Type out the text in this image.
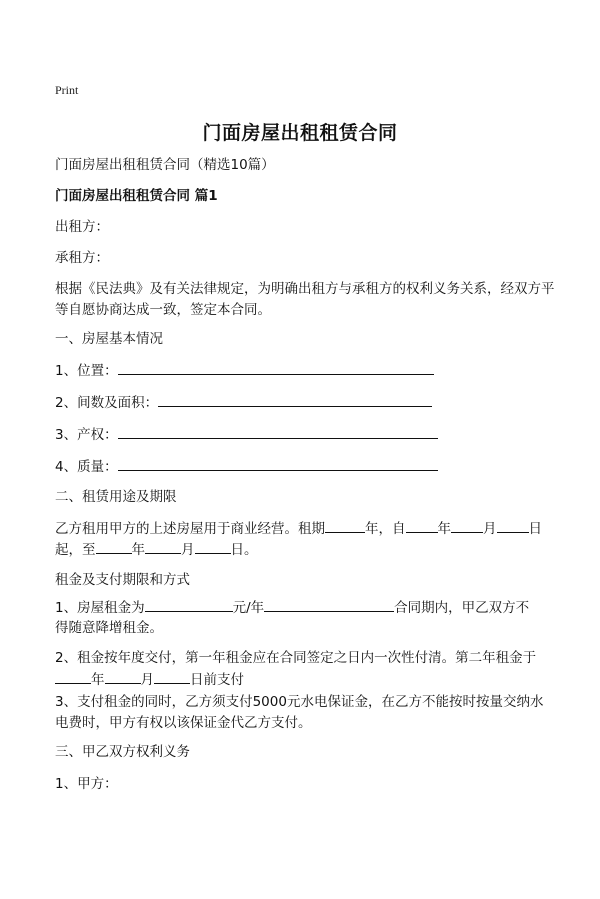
Print
门面房屋出租租赁合同
门面房屋出租租赁合同（精选10篇）
门面房屋出租租赁合同 篇1
出租方：
承租方：
根据《民法典》及有关法律规定，为明确出租方与承租方的权利义务关系，经双方平等自愿协商达成一致，签定本合同。
一、房屋基本情况
1、位置：
2、间数及面积：
3、产权：
4、质量：
二、租赁用途及期限
乙方租用甲方的上述房屋用于商业经营。租期	年，自 年 月 日
起，至	年	月	日。
租金及支付期限和方式
1、房屋租金为	元/年	合同期内，甲乙双方不
得随意降增租金。
2、租金按年度交付，第一年租金应在合同签定之日内一次性付清。第二年租金于
年	月	日前支付
3、支付租金的同时，乙方须支付5000元水电保证金，在乙方不能按时按量交纳水电费时，甲方有权以该保证金代乙方支付。
三、甲乙双方权利义务
1、甲方：
